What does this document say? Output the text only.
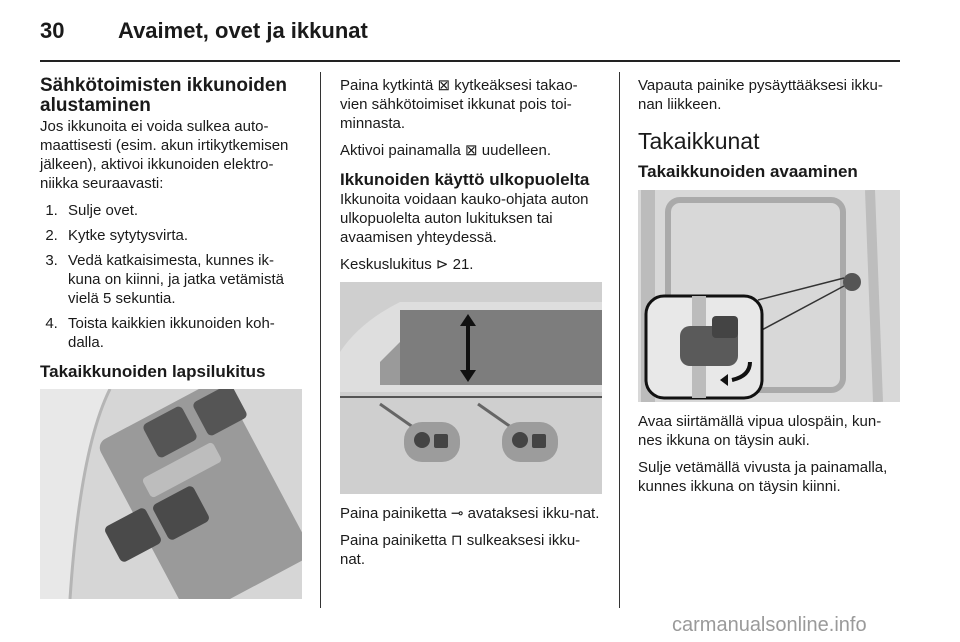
30 Avaimet, ovet ja ikkunat
Sähkötoimisten ikkunoiden alustaminen

Jos ikkunoita ei voida sulkea auto-maattisesti (esim. akun irtikytkemisen jälkeen), aktivoi ikkunoiden elektro-niikka seuraavasti:

1. Sulje ovet.
2. Kytke sytytysvirta.
3. Vedä katkaisimesta, kunnes ik-kuna on kiinni, ja jatka vetämistä vielä 5 sekuntia.
4. Toista kaikkien ikkunoiden koh-dalla.
Takaikkunoiden lapsilukitus

Paina kytkintä ⊠ kytkeäksesi takao-vien sähkötoimiset ikkunat pois toi-minnasta.

Aktivoi painamalla ⊠ uudelleen.

Ikkunoiden käyttö ulkopuolelta

Ikkunoita voidaan kauko-ohjata auton ulkopuolelta auton lukituksen tai avaamisen yhteydessä.

Keskuslukitus ⊳ 21.

Paina painiketta ⊸ avataksesi ikku-nat.

Paina painiketta ⊓ sulkeaksesi ikku-nat.

Vapauta painike pysäyttääksesi ikku-nan liikkeen.

Takaikkunat
Takaikkunoiden avaaminen

Avaa siirtämällä vipua ulospäin, kun-nes ikkuna on täysin auki.

Sulje vetämällä vivusta ja painamalla, kunnes ikkuna on täysin kiinni.

carmanualsonline.info
